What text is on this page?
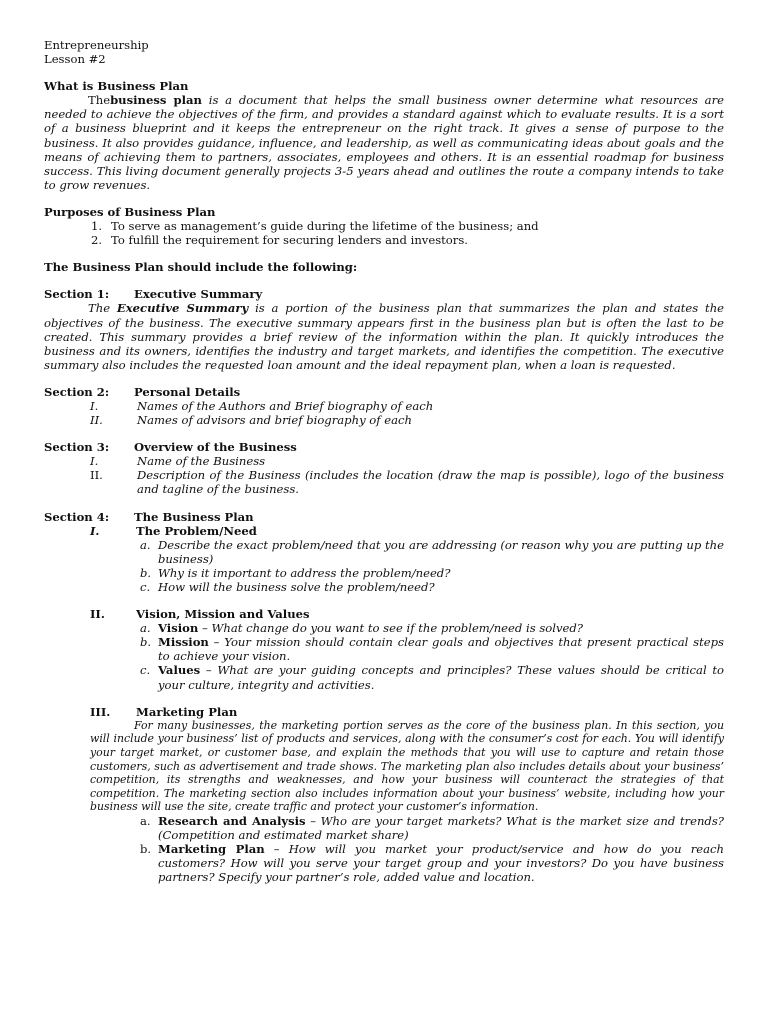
Entrepreneurship
Lesson #2
What is Business Plan
Thebusiness plan is a document that helps the small business owner determine what resources are needed to achieve the objectives of the firm, and provides a standard against which to evaluate results. It is a sort of a business blueprint and it keeps the entrepreneur on the right track. It gives a sense of purpose to the business. It also provides guidance, influence, and leadership, as well as communicating ideas about goals and the means of achieving them to partners, associates, employees and others. It is an essential roadmap for business success. This living document generally projects 3-5 years ahead and outlines the route a company intends to take to grow revenues.
Purposes of Business Plan
1. To serve as management’s guide during the lifetime of the business; and
2. To fulfill the requirement for securing lenders and investors.
The Business Plan should include the following:
Section 1: Executive Summary
The Executive Summary is a portion of the business plan that summarizes the plan and states the objectives of the business. The executive summary appears first in the business plan but is often the last to be created. This summary provides a brief review of the information within the plan. It quickly introduces the business and its owners, identifies the industry and target markets, and identifies the competition. The executive summary also includes the requested loan amount and the ideal repayment plan, when a loan is requested.
Section 2: Personal Details
I.	Names of the Authors and Brief biography of each
II.	Names of advisors and brief biography of each
Section 3: Overview of the Business
I.	Name of the Business
II.	Description of the Business (includes the location (draw the map is possible), logo of the business and tagline of the business.
Section 4: The Business Plan
I.	The Problem/Need
a. Describe the exact problem/need that you are addressing (or reason why you are putting up the business)
b. Why is it important to address the problem/need?
c. How will the business solve the problem/need?
II.	Vision, Mission and Values
a. Vision – What change do you want to see if the problem/need is solved?
b. Mission – Your mission should contain clear goals and objectives that present practical steps to achieve your vision.
c. Values – What are your guiding concepts and principles? These values should be critical to your culture, integrity and activities.
III.	Marketing Plan
For many businesses, the marketing portion serves as the core of the business plan. In this section, you will include your business’ list of products and services, along with the consumer’s cost for each. You will identify your target market, or customer base, and explain the methods that you will use to capture and retain those customers, such as advertisement and trade shows. The marketing plan also includes details about your business’ competition, its strengths and weaknesses, and how your business will counteract the strategies of that competition. The marketing section also includes information about your business’ website, including how your business will use the site, create traffic and protect your customer’s information.
a. Research and Analysis – Who are your target markets? What is the market size and trends? (Competition and estimated market share)
b. Marketing Plan – How will you market your product/service and how do you reach customers? How will you serve your target group and your investors? Do you have business partners? Specify your partner’s role, added value and location.
